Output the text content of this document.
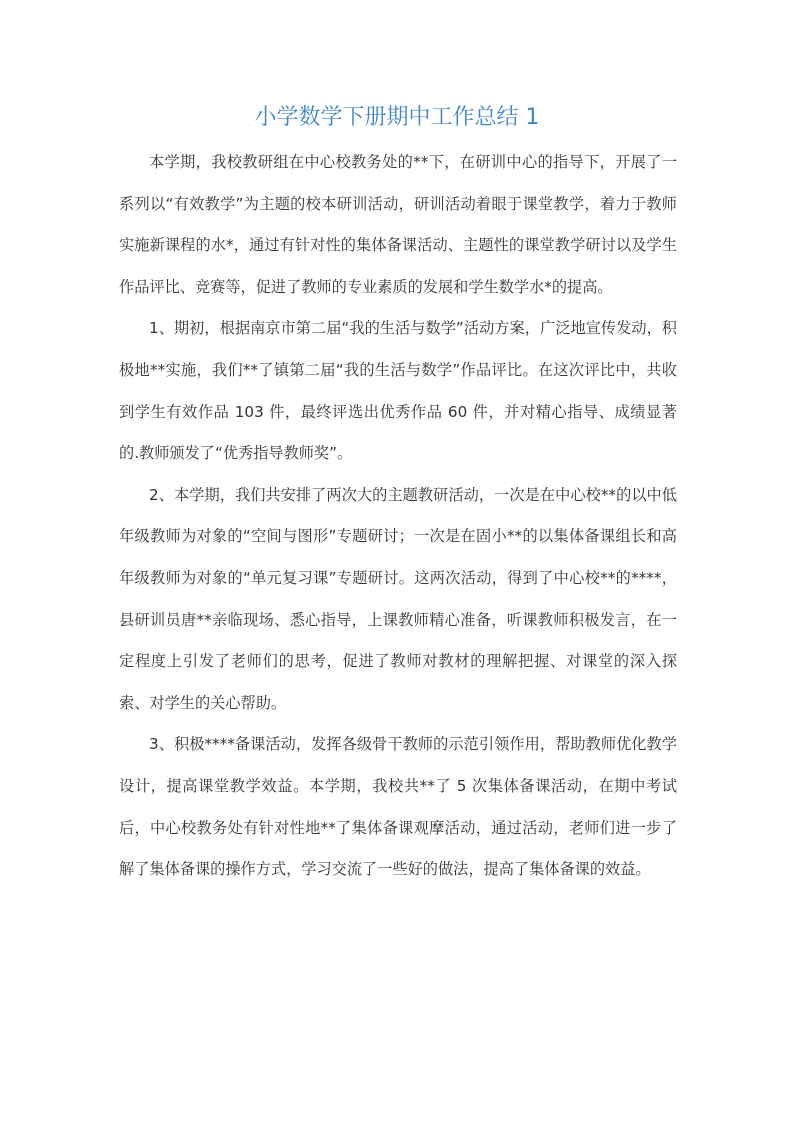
小学数学下册期中工作总结 1

本学期，我校教研组在中心校教务处的**下，在研训中心的指导下，开展了一系列以“有效教学”为主题的校本研训活动，研训活动着眼于课堂教学，着力于教师实施新课程的水*，通过有针对性的集体备课活动、主题性的课堂教学研讨以及学生作品评比、竞赛等，促进了教师的专业素质的发展和学生数学水*的提高。

1、期初，根据南京市第二届“我的生活与数学”活动方案，广泛地宣传发动，积极地**实施，我们**了镇第二届“我的生活与数学”作品评比。在这次评比中，共收到学生有效作品 103 件，最终评选出优秀作品 60 件，并对精心指导、成绩显著的.教师颁发了“优秀指导教师奖”。

2、本学期，我们共安排了两次大的主题教研活动，一次是在中心校**的以中低年级教师为对象的“空间与图形”专题研讨；一次是在固小**的以集体备课组长和高年级教师为对象的“单元复习课”专题研讨。这两次活动，得到了中心校**的****，县研训员唐**亲临现场、悉心指导，上课教师精心准备，听课教师积极发言，在一定程度上引发了老师们的思考，促进了教师对教材的理解把握、对课堂的深入探索、对学生的关心帮助。

3、积极****备课活动，发挥各级骨干教师的示范引领作用，帮助教师优化教学设计，提高课堂教学效益。本学期，我校共**了 5 次集体备课活动，在期中考试后，中心校教务处有针对性地**了集体备课观摩活动，通过活动，老师们进一步了解了集体备课的操作方式，学习交流了一些好的做法，提高了集体备课的效益。
